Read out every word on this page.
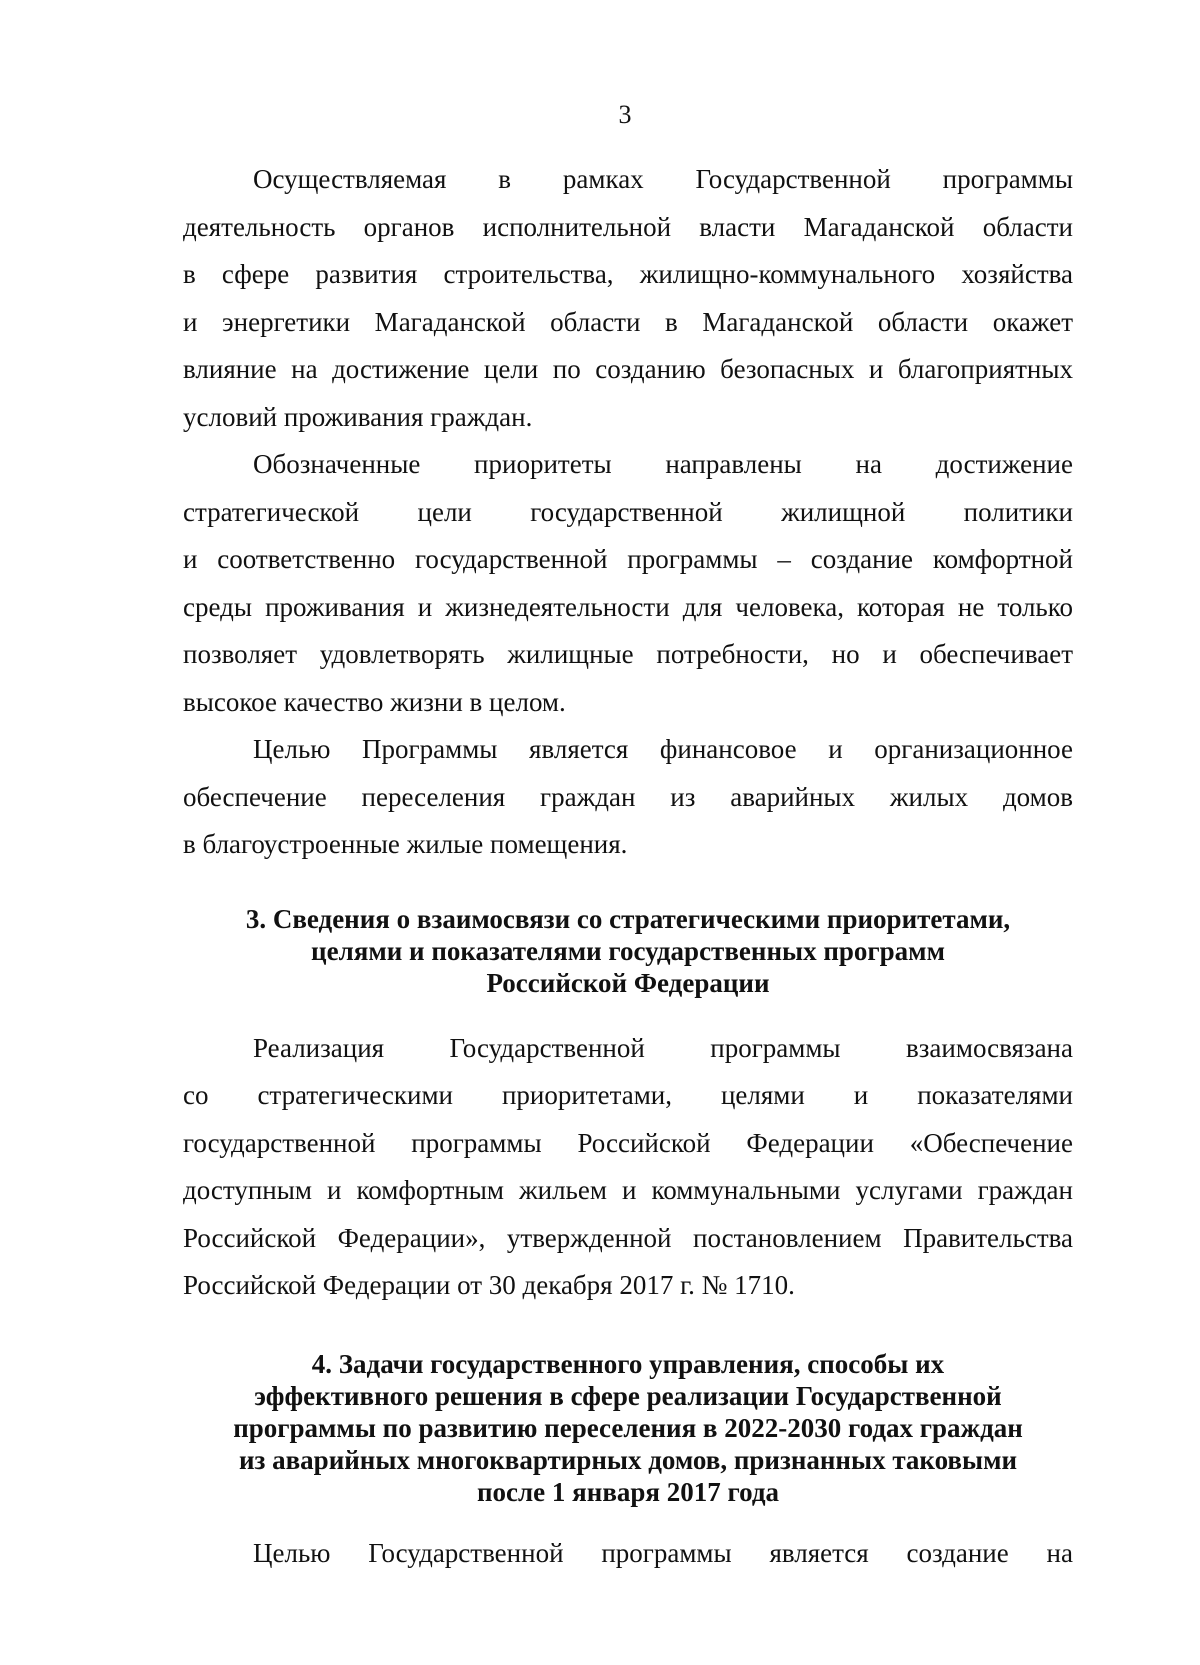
3

Осуществляемая в рамках Государственной программы
деятельность органов исполнительной власти Магаданской области
в сфере развития строительства, жилищно-коммунального хозяйства
и энергетики Магаданской области в Магаданской области окажет
влияние на достижение цели по созданию безопасных и благоприятных
условий проживания граждан.

Обозначенные приоритеты направлены на достижение
стратегической цели государственной жилищной политики
и соответственно государственной программы – создание комфортной
среды проживания и жизнедеятельности для человека, которая не только
позволяет удовлетворять жилищные потребности, но и обеспечивает
высокое качество жизни в целом.

Целью Программы является финансовое и организационное
обеспечение переселения граждан из аварийных жилых домов
в благоустроенные жилые помещения.

3. Сведения о взаимосвязи со стратегическими приоритетами,
целями и показателями государственных программ
Российской Федерации

Реализация Государственной программы взаимосвязана
со стратегическими приоритетами, целями и показателями
государственной программы Российской Федерации «Обеспечение
доступным и комфортным жильем и коммунальными услугами граждан
Российской Федерации», утвержденной постановлением Правительства
Российской Федерации от 30 декабря 2017 г. № 1710.

4. Задачи государственного управления, способы их
эффективного решения в сфере реализации Государственной
программы по развитию переселения в 2022-2030 годах граждан
из аварийных многоквартирных домов, признанных таковыми
после 1 января 2017 года

Целью Государственной программы является создание на
